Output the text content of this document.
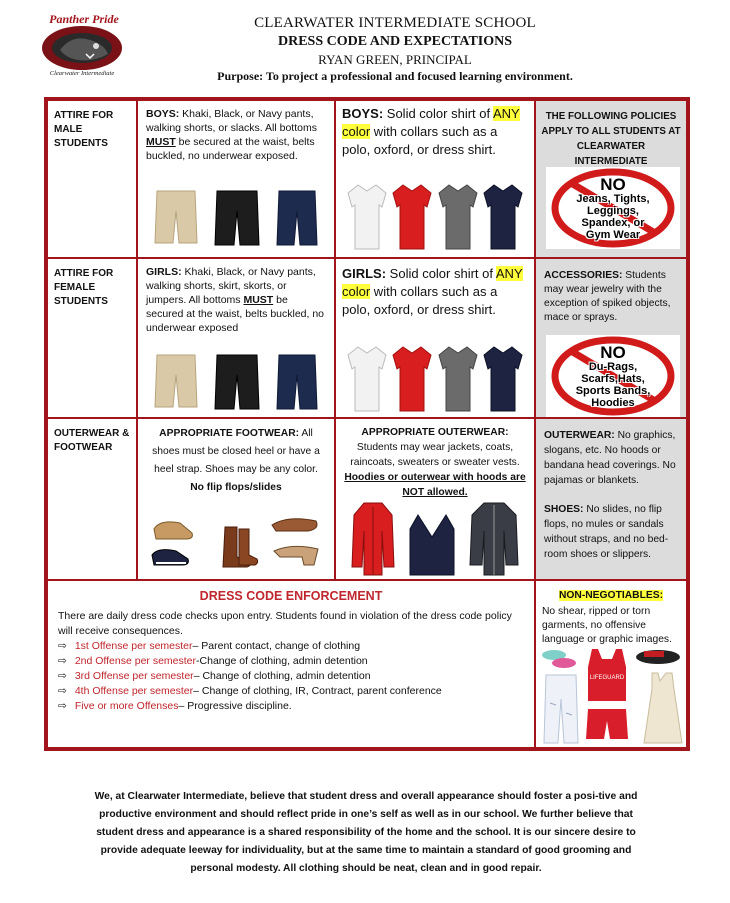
Panther Pride
Clearwater Intermediate
CLEARWATER INTERMEDIATE SCHOOL
DRESS CODE AND EXPECTATIONS
RYAN GREEN, PRINCIPAL
Purpose: To project a professional and focused learning environment.
ATTIRE FOR MALE STUDENTS
BOYS: Khaki, Black, or Navy pants, walking shorts, or slacks. All bottoms MUST be secured at the waist, belts buckled, no underwear exposed.
BOYS: Solid color shirt of ANY
color with collars such as a polo, oxford, or dress shirt.
THE FOLLOWING POLICIES APPLY TO ALL STUDENTS AT CLEARWATER INTERMEDIATE
NO
Jeans, Tights,
Leggings,
Spandex, or
Gym Wear
ATTIRE FOR FEMALE STUDENTS
GIRLS: Khaki, Black, or Navy pants, walking shorts, skirt, skorts, or jumpers. All bottoms MUST be secured at the waist, belts buckled, no underwear exposed
GIRLS: Solid color shirt of ANY
color with collars such as a polo, oxford, or dress shirt.
ACCESSORIES: Students may wear jewelry with the exception of spiked objects, mace or sprays.
NO
Du-Rags,
Scarfs,Hats,
Sports Bands,
Hoodies
OUTERWEAR & FOOTWEAR
APPROPRIATE FOOTWEAR: All shoes must be closed heel or have a heel strap. Shoes may be any color.
No flip flops/slides
APPROPRIATE OUTERWEAR: Students may wear jackets, coats, raincoats, sweaters or sweater vests. Hoodies or outerwear with hoods are NOT allowed.
OUTERWEAR: No graphics, slogans, etc. No hoods or bandana head coverings. No pajamas or blankets.
SHOES: No slides, no flip flops, no mules or sandals without straps, and no bed-room shoes or slippers.
DRESS CODE ENFORCEMENT
There are daily dress code checks upon entry. Students found in violation of the dress code policy will receive consequences.
⇨ 1st Offense per semester– Parent contact, change of clothing
⇨ 2nd Offense per semester-Change of clothing, admin detention
⇨ 3rd Offense per semester– Change of clothing, admin detention
⇨ 4th Offense per semester– Change of clothing, IR, Contract, parent conference
⇨ Five or more Offenses– Progressive discipline.
NON-NEGOTIABLES:
No shear, ripped or torn garments, no offensive language or graphic images.
LIFEGUARD
We, at Clearwater Intermediate, believe that student dress and overall appearance should foster a posi-tive and productive environment and should reflect pride in one’s self as well as in our school. We further believe that student dress and appearance is a shared responsibility of the home and the school. It is our sincere desire to provide adequate leeway for individuality, but at the same time to maintain a standard of good grooming and personal modesty. All clothing should be neat, clean and in good repair.
